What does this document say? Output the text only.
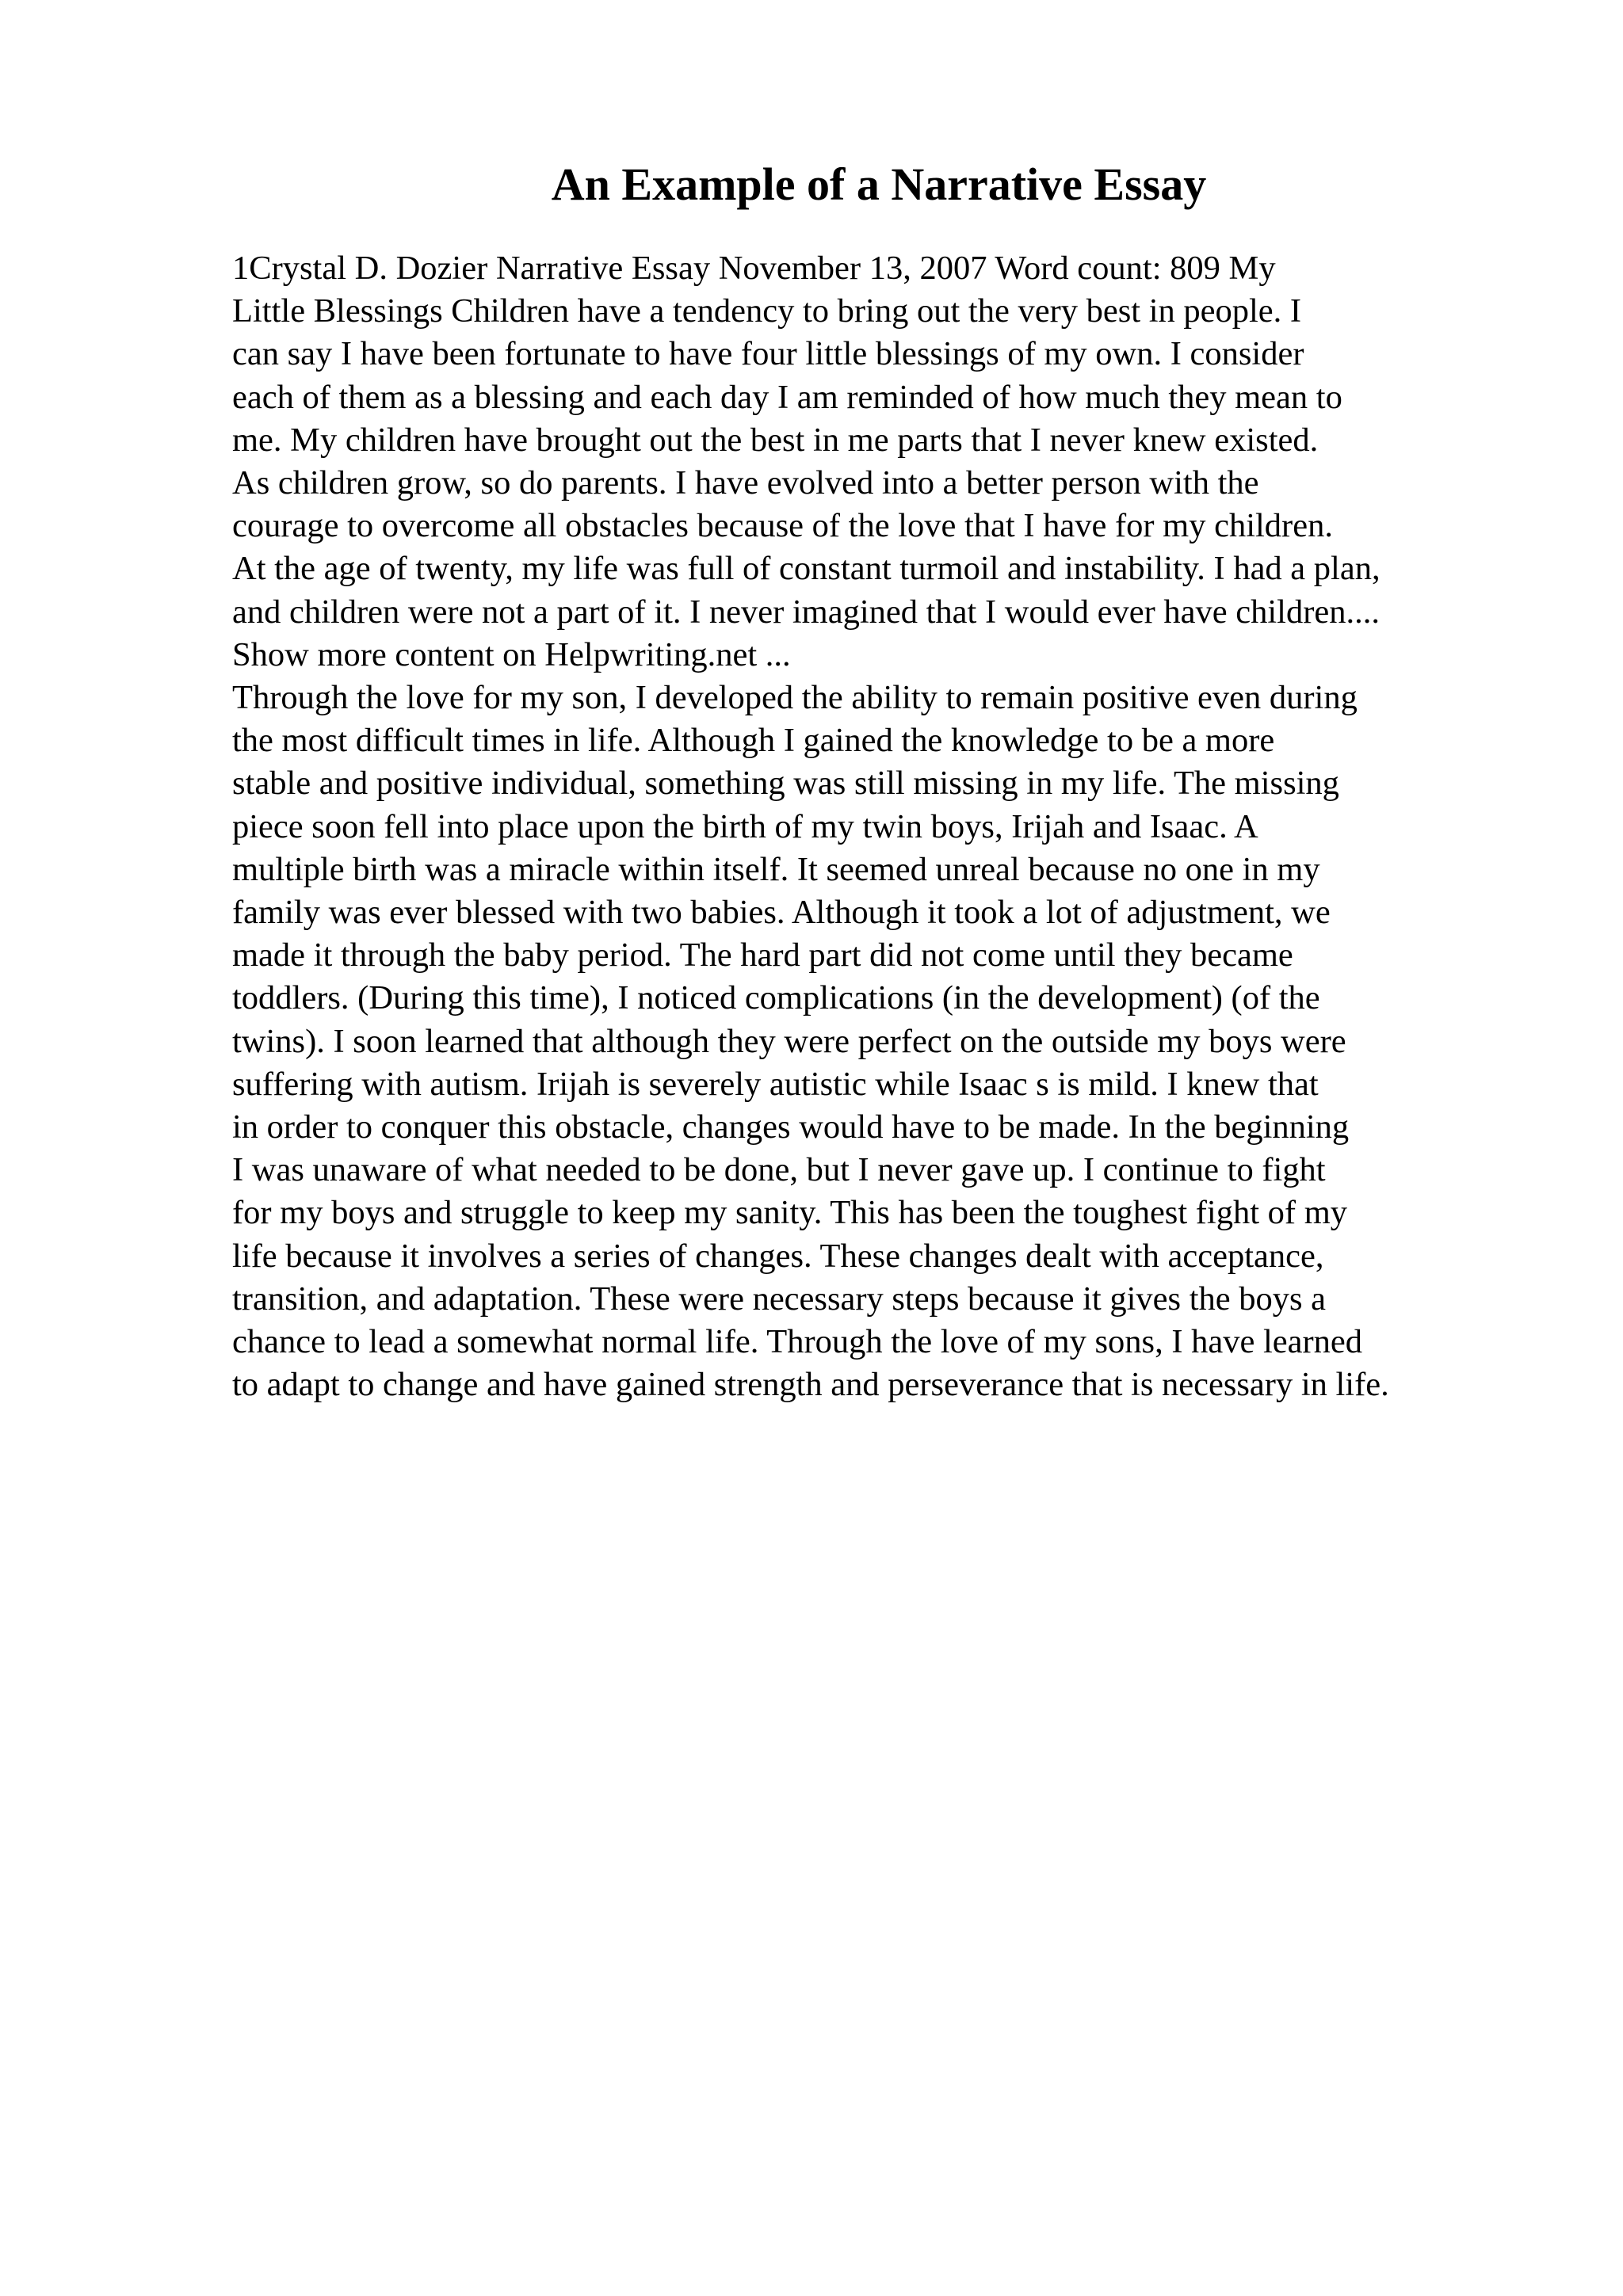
An Example of a Narrative Essay
1Crystal D. Dozier Narrative Essay November 13, 2007 Word count: 809 My
Little Blessings Children have a tendency to bring out the very best in people. I
can say I have been fortunate to have four little blessings of my own. I consider
each of them as a blessing and each day I am reminded of how much they mean to
me. My children have brought out the best in me parts that I never knew existed.
As children grow, so do parents. I have evolved into a better person with the
courage to overcome all obstacles because of the love that I have for my children.
At the age of twenty, my life was full of constant turmoil and instability. I had a plan,
and children were not a part of it. I never imagined that I would ever have children....
Show more content on Helpwriting.net ...
Through the love for my son, I developed the ability to remain positive even during
the most difficult times in life. Although I gained the knowledge to be a more
stable and positive individual, something was still missing in my life. The missing
piece soon fell into place upon the birth of my twin boys, Irijah and Isaac. A
multiple birth was a miracle within itself. It seemed unreal because no one in my
family was ever blessed with two babies. Although it took a lot of adjustment, we
made it through the baby period. The hard part did not come until they became
toddlers. (During this time), I noticed complications (in the development) (of the
twins). I soon learned that although they were perfect on the outside my boys were
suffering with autism. Irijah is severely autistic while Isaac s is mild. I knew that
in order to conquer this obstacle, changes would have to be made. In the beginning
I was unaware of what needed to be done, but I never gave up. I continue to fight
for my boys and struggle to keep my sanity. This has been the toughest fight of my
life because it involves a series of changes. These changes dealt with acceptance,
transition, and adaptation. These were necessary steps because it gives the boys a
chance to lead a somewhat normal life. Through the love of my sons, I have learned
to adapt to change and have gained strength and perseverance that is necessary in life.
